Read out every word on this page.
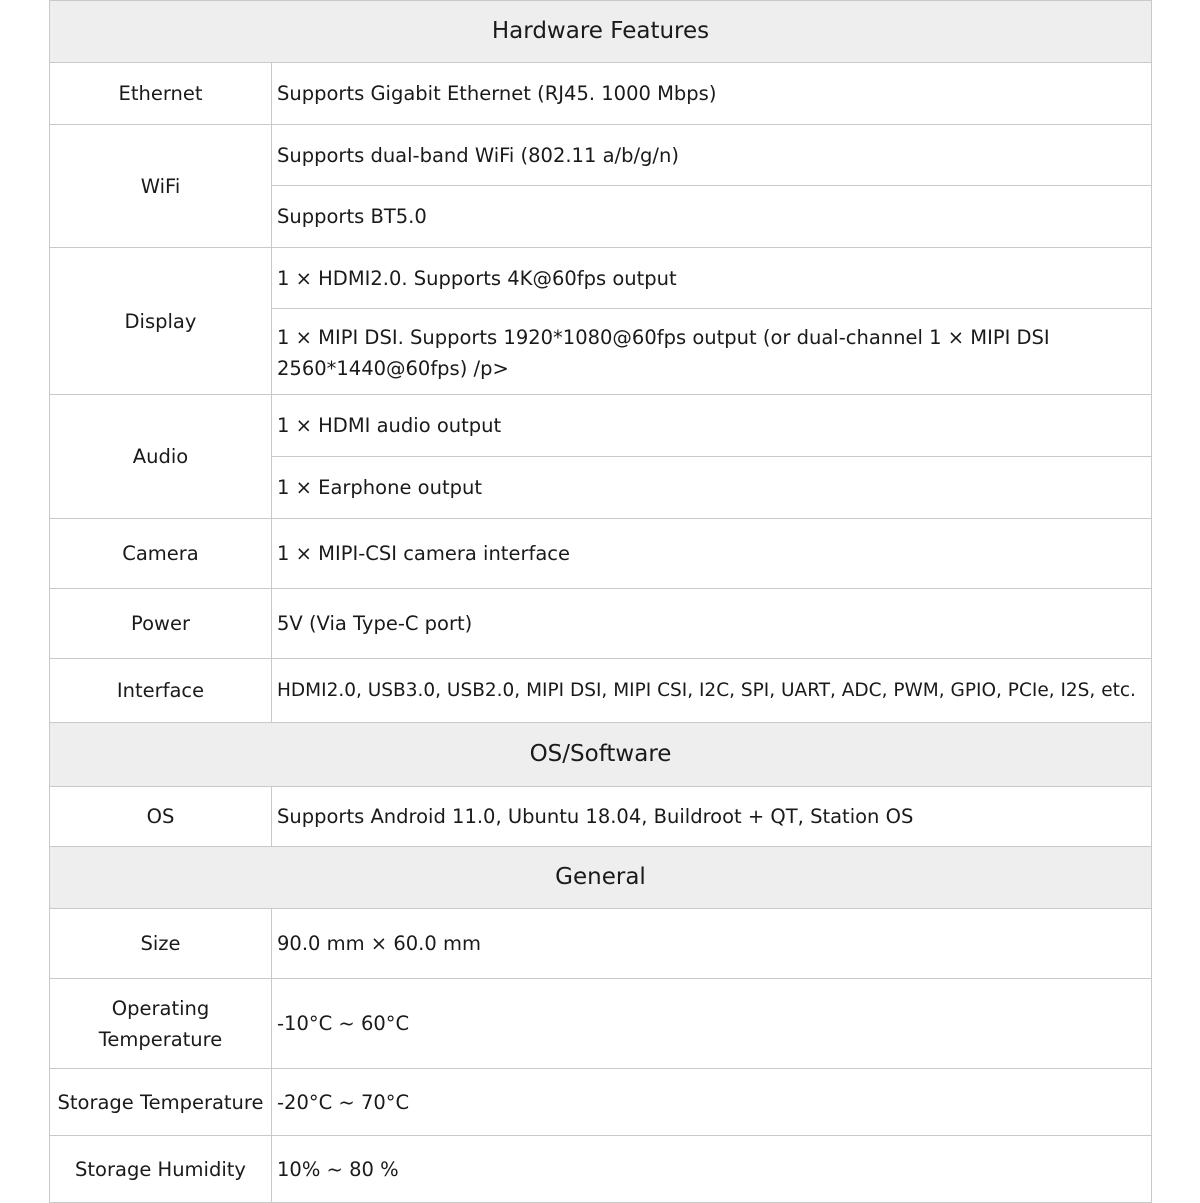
Hardware Features	
Ethernet	Supports Gigabit Ethernet (RJ45. 1000 Mbps)
WiFi	Supports dual-band WiFi (802.11 a/b/g/n)
	Supports BT5.0
Display	1 × HDMI2.0. Supports 4K@60fps output
	1 × MIPI DSI. Supports 1920*1080@60fps output (or dual-channel 1 × MIPI DSI 2560*1440@60fps) /p>
Audio	1 × HDMI audio output
	1 × Earphone output
Camera	1 × MIPI-CSI camera interface
Power	5V (Via Type-C port)
Interface	HDMI2.0, USB3.0, USB2.0, MIPI DSI, MIPI CSI, I2C, SPI, UART, ADC, PWM, GPIO, PCIe, I2S, etc.
OS/Software	
OS	Supports Android 11.0, Ubuntu 18.04, Buildroot + QT, Station OS
General	
Size	90.0 mm × 60.0 mm
Operating Temperature	-10°C ~ 60°C
Storage Temperature	-20°C ~ 70°C
Storage Humidity	10% ~ 80 %
